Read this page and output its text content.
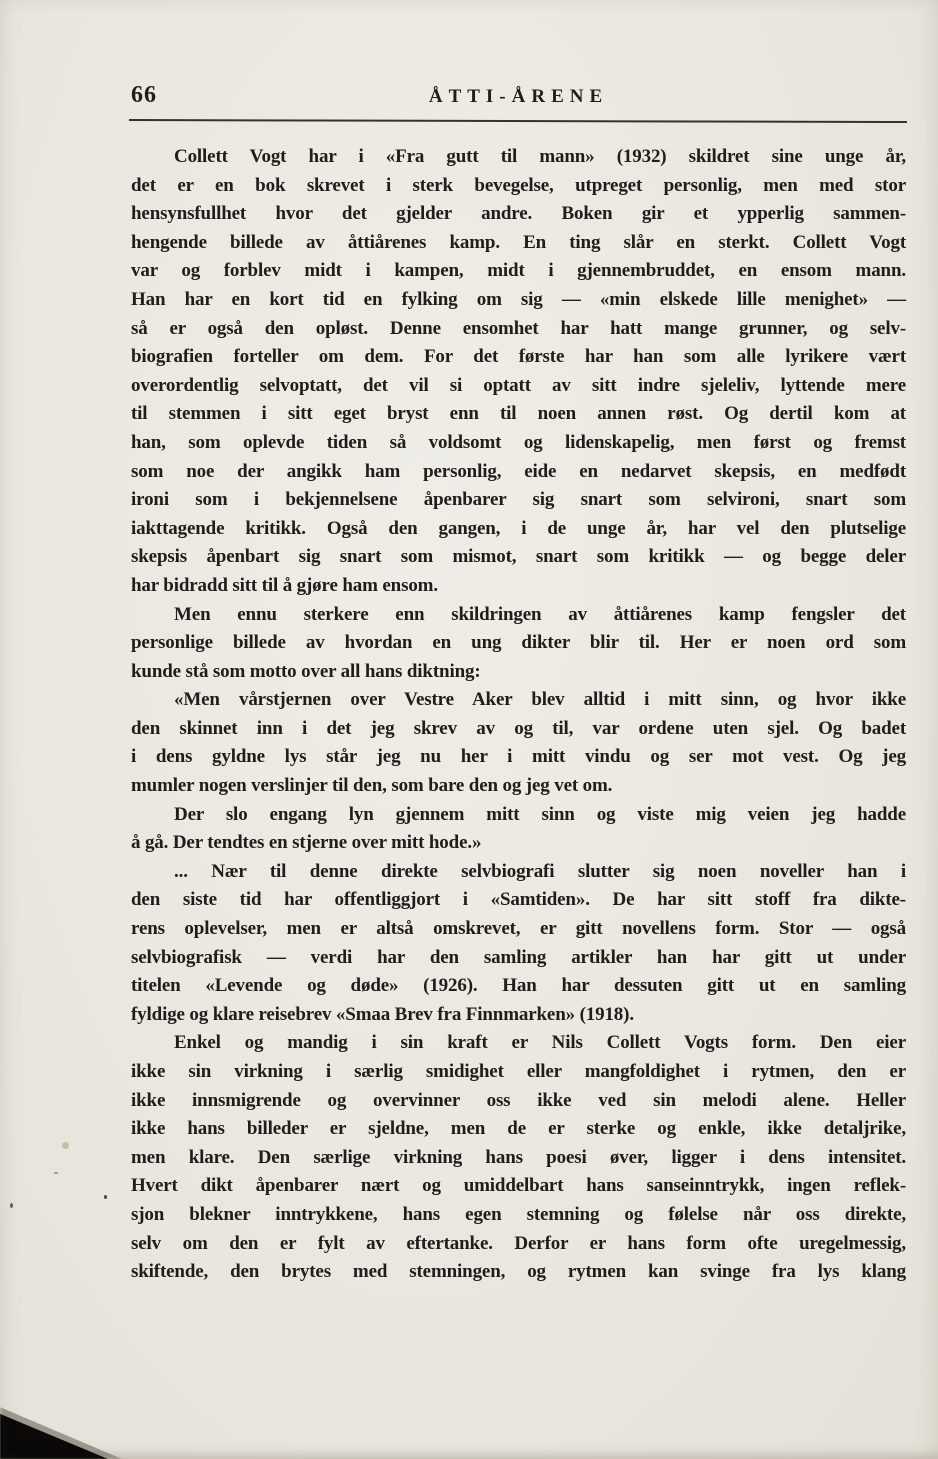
66	ÅTTI-ÅRENE
Collett Vogt har i «Fra gutt til mann» (1932) skildret sine unge år,
det er en bok skrevet i sterk bevegelse, utpreget personlig, men med stor
hensynsfullhet hvor det gjelder andre. Boken gir et ypperlig sammen-
hengende billede av åttiårenes kamp. En ting slår en sterkt. Collett Vogt
var og forblev midt i kampen, midt i gjennembruddet, en ensom mann.
Han har en kort tid en fylking om sig — «min elskede lille menighet» —
så er også den opløst. Denne ensomhet har hatt mange grunner, og selv-
biografien forteller om dem. For det første har han som alle lyrikere vært
overordentlig selvoptatt, det vil si optatt av sitt indre sjeleliv, lyttende mere
til stemmen i sitt eget bryst enn til noen annen røst. Og dertil kom at
han, som oplevde tiden så voldsomt og lidenskapelig, men først og fremst
som noe der angikk ham personlig, eide en nedarvet skepsis, en medfødt
ironi som i bekjennelsene åpenbarer sig snart som selvironi, snart som
iakttagende kritikk. Også den gangen, i de unge år, har vel den plutselige
skepsis åpenbart sig snart som mismot, snart som kritikk — og begge deler
har bidradd sitt til å gjøre ham ensom.
Men ennu sterkere enn skildringen av åttiårenes kamp fengsler det
personlige billede av hvordan en ung dikter blir til. Her er noen ord som
kunde stå som motto over all hans diktning:
«Men vårstjernen over Vestre Aker blev alltid i mitt sinn, og hvor ikke
den skinnet inn i det jeg skrev av og til, var ordene uten sjel. Og badet
i dens gyldne lys står jeg nu her i mitt vindu og ser mot vest. Og jeg
mumler nogen verslinjer til den, som bare den og jeg vet om.
Der slo engang lyn gjennem mitt sinn og viste mig veien jeg hadde
å gå. Der tendtes en stjerne over mitt hode.»
... Nær til denne direkte selvbiografi slutter sig noen noveller han i
den siste tid har offentliggjort i «Samtiden». De har sitt stoff fra dikte-
rens oplevelser, men er altså omskrevet, er gitt novellens form. Stor — også
selvbiografisk — verdi har den samling artikler han har gitt ut under
titelen «Levende og døde» (1926). Han har dessuten gitt ut en samling
fyldige og klare reisebrev «Smaa Brev fra Finnmarken» (1918).
Enkel og mandig i sin kraft er Nils Collett Vogts form. Den eier
ikke sin virkning i særlig smidighet eller mangfoldighet i rytmen, den er
ikke innsmigrende og overvinner oss ikke ved sin melodi alene. Heller
ikke hans billeder er sjeldne, men de er sterke og enkle, ikke detaljrike,
men klare. Den særlige virkning hans poesi øver, ligger i dens intensitet.
Hvert dikt åpenbarer nært og umiddelbart hans sanseinntrykk, ingen reflek-
sjon blekner inntrykkene, hans egen stemning og følelse når oss direkte,
selv om den er fylt av eftertanke. Derfor er hans form ofte uregelmessig,
skiftende, den brytes med stemningen, og rytmen kan svinge fra lys klang
